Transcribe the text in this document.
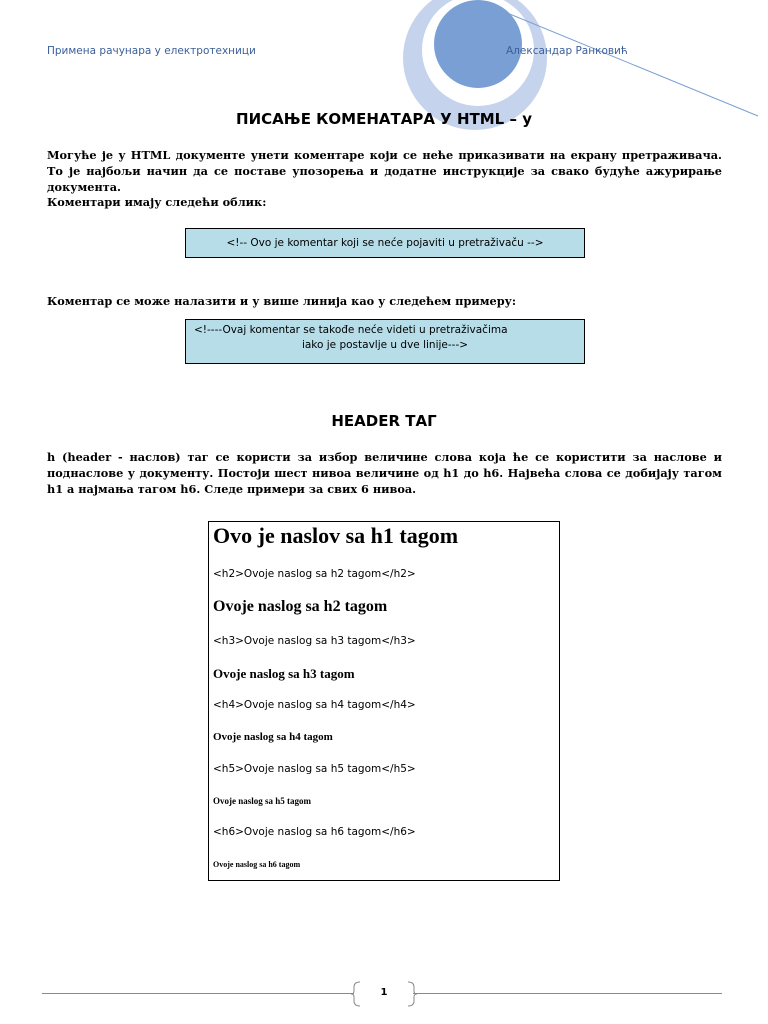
Примена рачунара у електротехници	Александар Ранковић
ПИСАЊЕ КОМЕНАТАРА У HTML – у
Могуће је у HTML документе унети коментаре који се неће приказивати на екрану претраживача. То је најбољи начин да се поставе упозорења и додатне инструкције за свако будуће ажурирање документа.
Коментари имају следећи облик:
<!-- Ovo je komentar koji se neće pojaviti u pretraživaču -->
Коментар се може налазити и у више линија као у следећем примеру:
<!----Ovaj komentar se takođe neće videti u pretraživačima
iako je postavlje u dve linije--->
HEADER ТАГ
h (header - наслов) таг се користи за избор величине слова која ће се користити за наслове и поднаслове у документу. Постоји шест нивоа величине од h1 до h6. Највећа слова се добијају тагом h1 а најмања тагом h6. Следе примери за свих 6 нивоа.
Ovo je naslov sa h1 tagom
<h2>Ovoje naslog sa h2 tagom</h2>
Ovoje naslog sa h2 tagom
<h3>Ovoje naslog sa h3 tagom</h3>
Ovoje naslog sa h3 tagom
<h4>Ovoje naslog sa h4 tagom</h4>
Ovoje naslog sa h4 tagom
<h5>Ovoje naslog sa h5 tagom</h5>
Ovoje naslog sa h5 tagom
<h6>Ovoje naslog sa h6 tagom</h6>
Ovoje naslog sa h6 tagom
1
